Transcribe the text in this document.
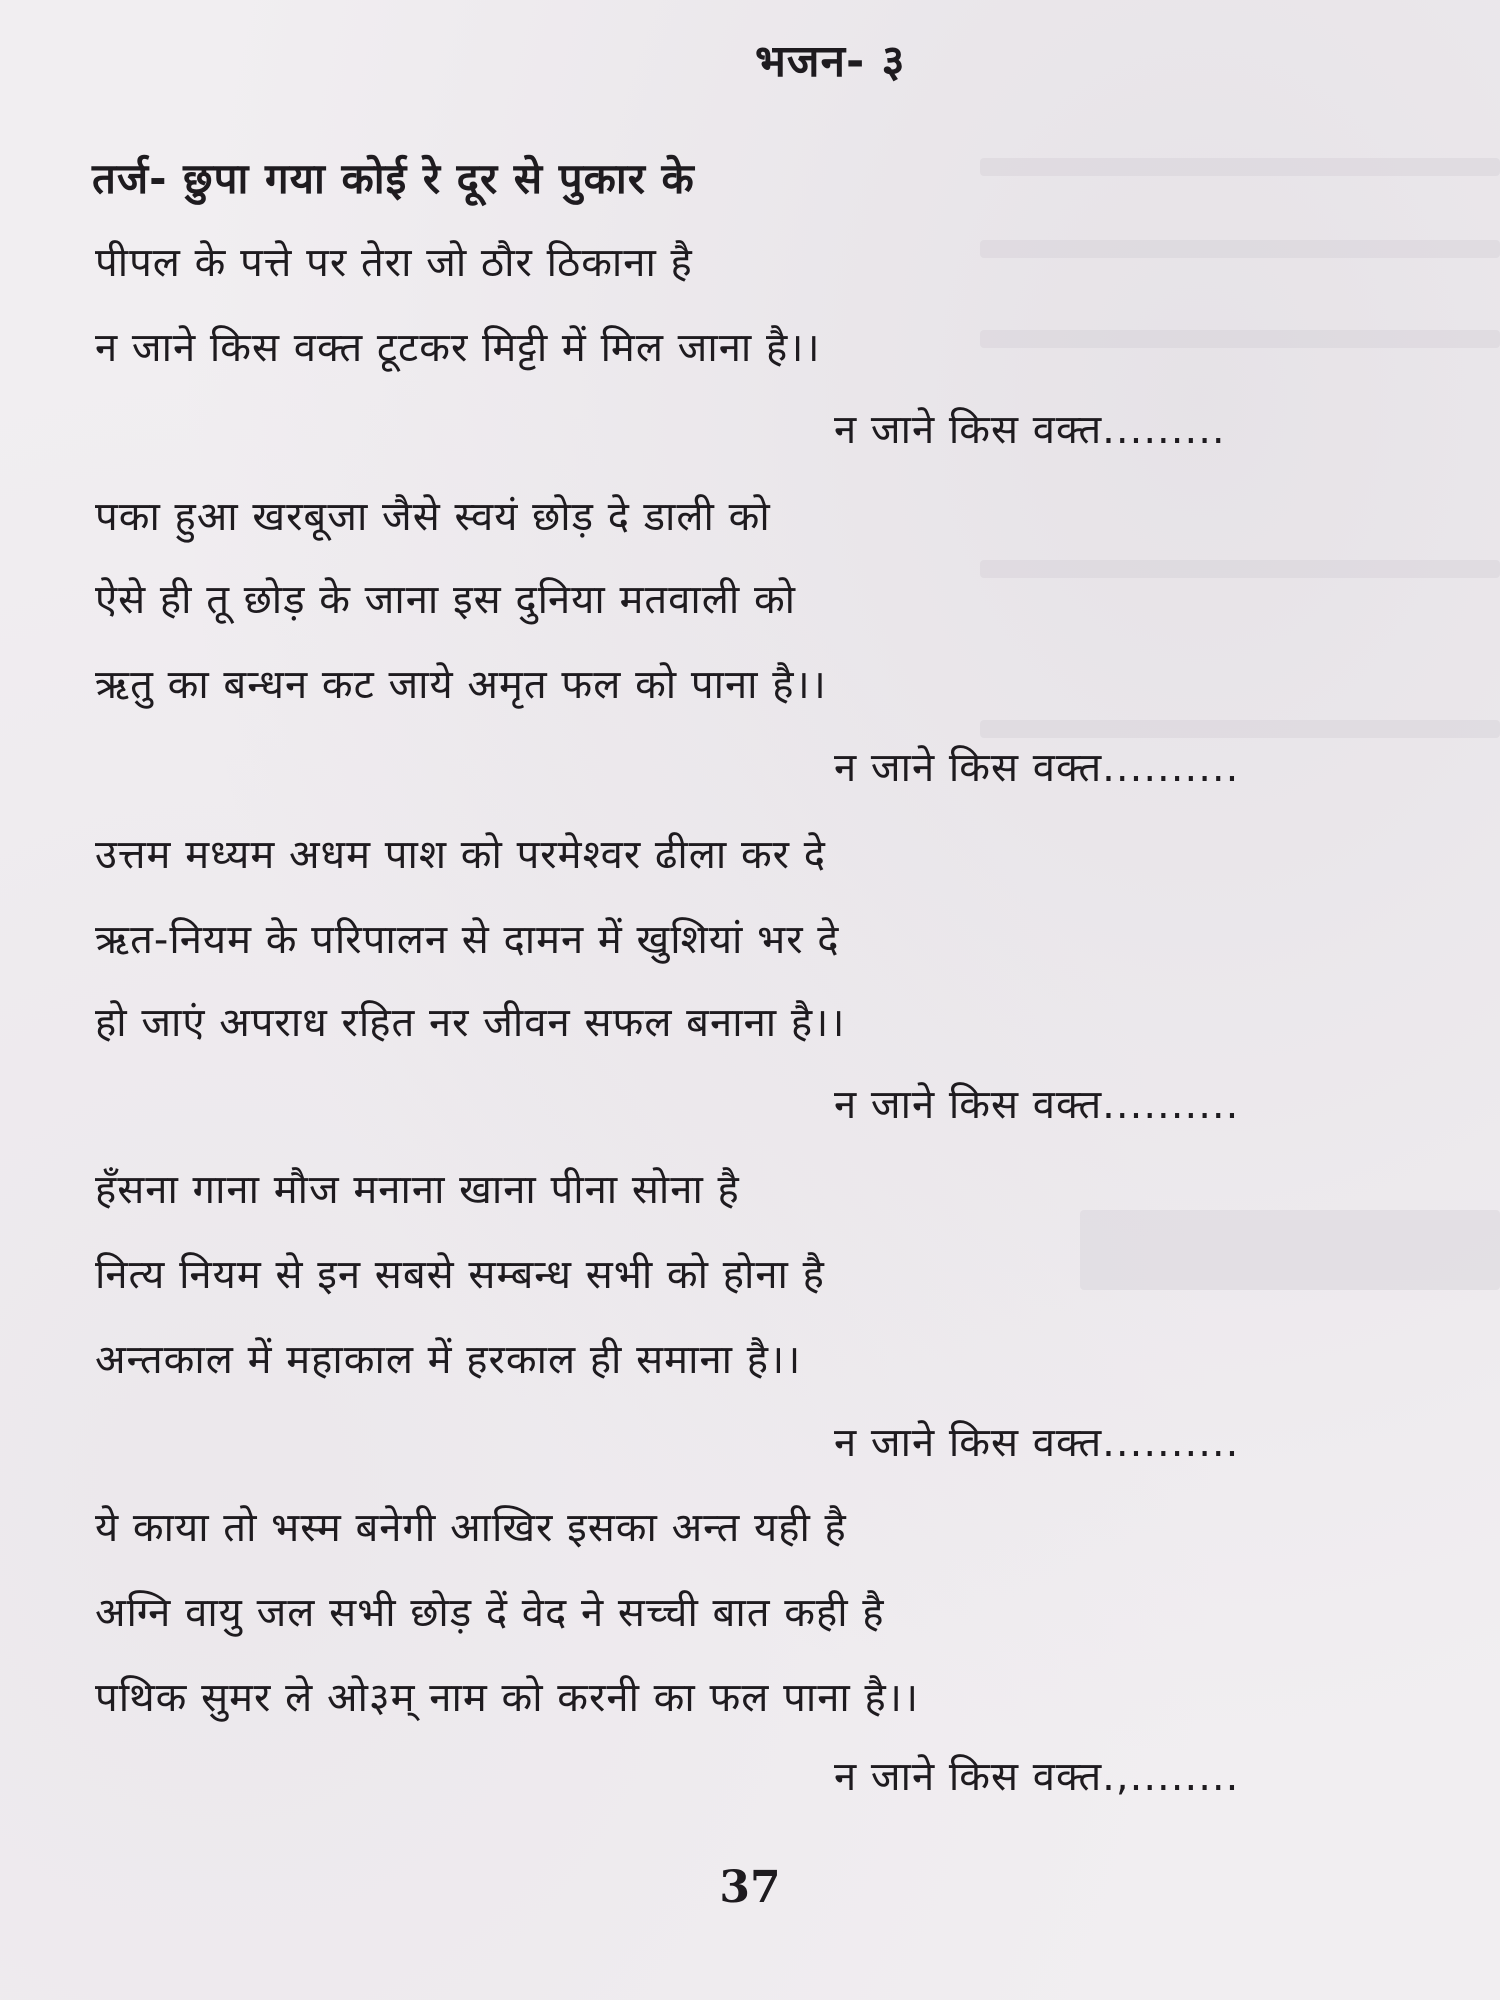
भजन- ३
तर्ज- छुपा गया कोई रे दूर से पुकार के
पीपल के पत्ते पर तेरा जो ठौर ठिकाना है
न जाने किस वक्त टूटकर मिट्टी में मिल जाना है।।
न जाने किस वक्त.........
पका हुआ खरबूजा जैसे स्वयं छोड़ दे डाली को
ऐसे ही तू छोड़ के जाना इस दुनिया मतवाली को
ऋतु का बन्धन कट जाये अमृत फल को पाना है।।
न जाने किस वक्त..........
उत्तम मध्यम अधम पाश को परमेश्वर ढीला कर दे
ऋत-नियम के परिपालन से दामन में खुशियां भर दे
हो जाएं अपराध रहित नर जीवन सफल बनाना है।।
न जाने किस वक्त..........
हँसना गाना मौज मनाना खाना पीना सोना है
नित्य नियम से इन सबसे सम्बन्ध सभी को होना है
अन्तकाल में महाकाल में हरकाल ही समाना है।।
न जाने किस वक्त..........
ये काया तो भस्म बनेगी आखिर इसका अन्त यही है
अग्नि वायु जल सभी छोड़ दें वेद ने सच्ची बात कही है
पथिक सुमर ले ओ३म् नाम को करनी का फल पाना है।।
न जाने किस वक्त.,........
37
